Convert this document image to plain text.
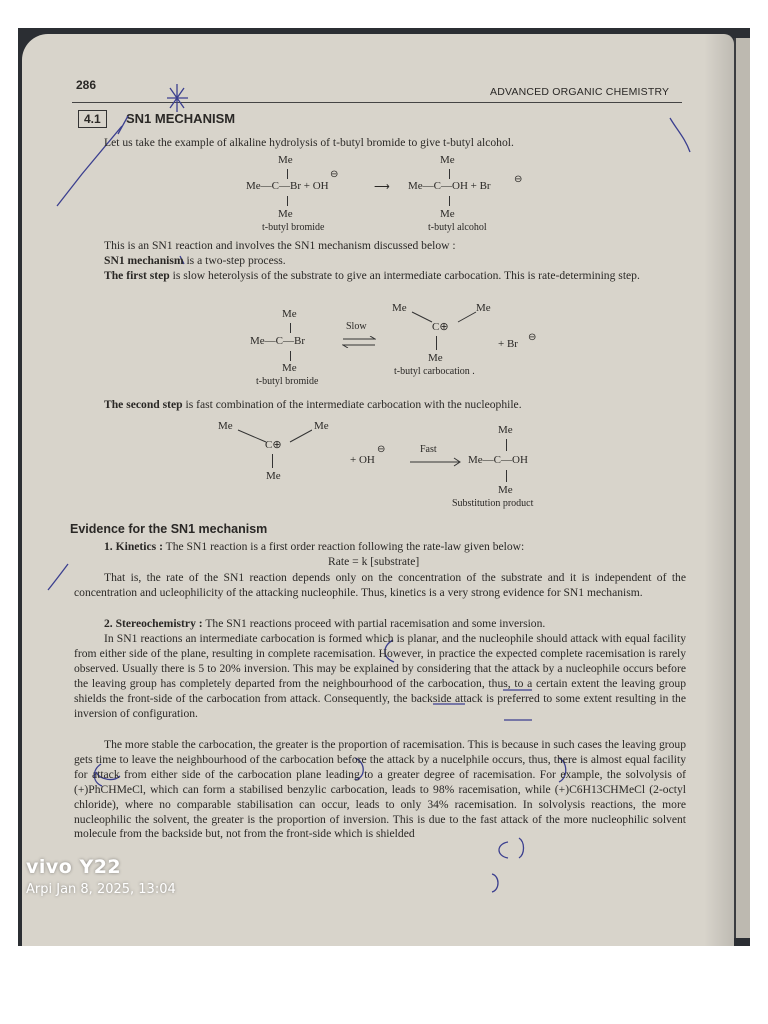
286	ADVANCED ORGANIC CHEMISTRY
4.1	SN1 MECHANISM
Let us take the example of alkaline hydrolysis of t-butyl bromide to give t-butyl alcohol.
Me
Me—C—Br + OH
⊖
Me
t-butyl bromide
⟶
Me
Me—C—OH + Br
⊖
Me
t-butyl alcohol
This is an SN1 reaction and involves the SN1 mechanism discussed below :
SN1 mechanism is a two-step process.
The first step is slow heterolysis of the substrate to give an intermediate carbocation. This is rate-determining step.
Me
Me—C—Br
Me
t-butyl bromide
Slow
Me	Me
C⊕
Me
t-butyl carbocation .
+ Br
⊖
The second step is fast combination of the intermediate carbocation with the nucleophile.
Me	Me
C⊕
Me
+ OH
⊖	Fast
Me
Me—C—OH
Me
Substitution product
Evidence for the SN1 mechanism
1. Kinetics : The SN1 reaction is a first order reaction following the rate-law given below:
Rate = k [substrate]
That is, the rate of the SN1 reaction depends only on the concentration of the substrate and it is independent of the concentration and ucleophilicity of the attacking nucleophile. Thus, kinetics is a very strong evidence for SN1 mechanism.
2. Stereochemistry : The SN1 reactions proceed with partial racemisation and some inversion.
In SN1 reactions an intermediate carbocation is formed which is planar, and the nucleophile should attack with equal facility from either side of the plane, resulting in complete racemisation. However, in practice the expected complete racemisation is rarely observed. Usually there is 5 to 20% inversion. This may be explained by considering that the attack by a nucleophile occurs before the leaving group has completely departed from the neighbourhood of the carbocation, thus, to a certain extent the leaving group shields the front-side of the carbocation from attack. Consequently, the backside attack is preferred to some extent resulting in the inversion of configuration.
The more stable the carbocation, the greater is the proportion of racemisation. This is because in such cases the leaving group gets time to leave the neighbourhood of the carbocation before the attack by a nucelphile occurs, thus, there is almost equal facility for attack from either side of the carbocation plane leading to a greater degree of racemisation. For example, the solvolysis of (+)PhCHMeCl, which can form a stabilised benzylic carbocation, leads to 98% racemisation, while (+)C6H13CHMeCl (2-octyl chloride), where no comparable stabilisation can occur, leads to only 34% racemisation. In solvolysis reactions, the more nucleophilic the solvent, the greater is the proportion of inversion. This is due to the fast attack of the more nucleophilic solvent molecule from the backside but, not from the front-side which is shielded
vivo Y22
Arpi Jan 8, 2025, 13:04
